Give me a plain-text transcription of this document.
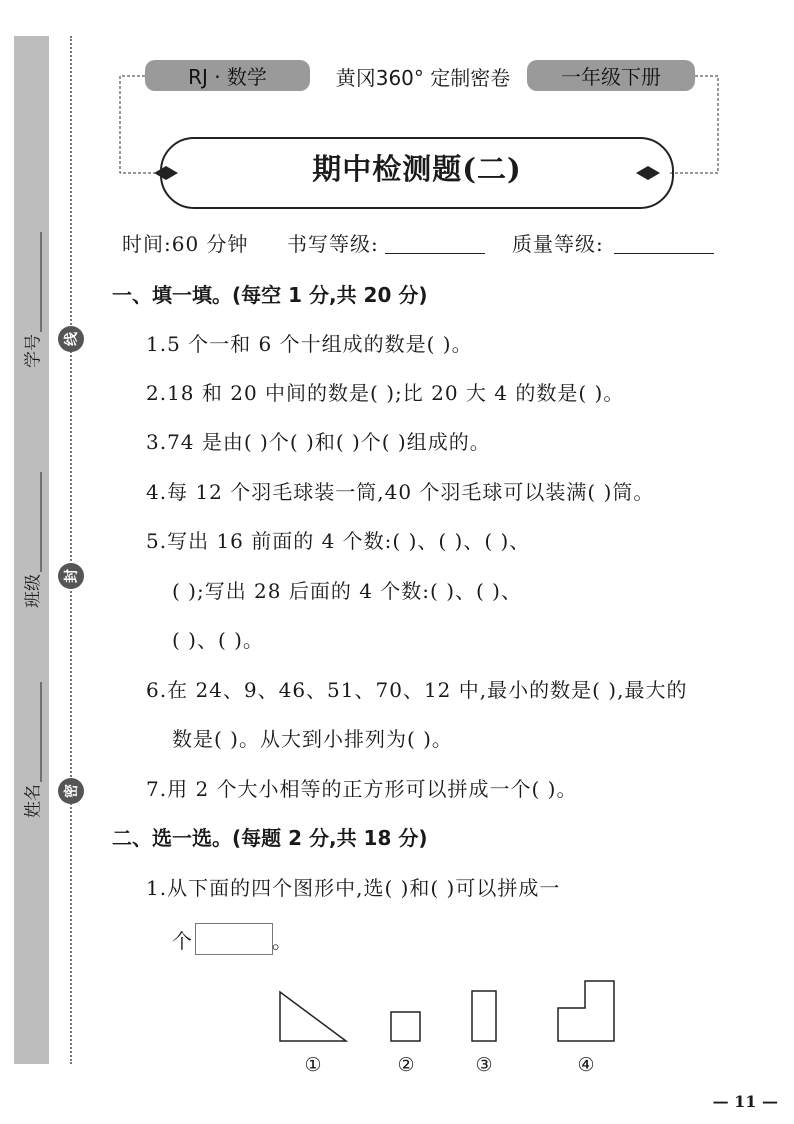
学号
班级
姓名
线
封
密
RJ · 数学	黄冈360° 定制密卷	一年级下册
期中检测题(二)
时间:60 分钟 书写等级:	质量等级:
一、填一填。(每空 1 分,共 20 分)
1.5 个一和 6 个十组成的数是( )。
2.18 和 20 中间的数是( );比 20 大 4 的数是( )。
3.74 是由( )个( )和( )个( )组成的。
4.每 12 个羽毛球装一筒,40 个羽毛球可以装满( )筒。
5.写出 16 前面的 4 个数:( )、( )、( )、
( );写出 28 后面的 4 个数:( )、( )、
( )、( )。
6.在 24、9、46、51、70、12 中,最小的数是( ),最大的
数是( )。从大到小排列为( )。
7.用 2 个大小相等的正方形可以拼成一个( )。
二、选一选。(每题 2 分,共 18 分)
1.从下面的四个图形中,选( )和( )可以拼成一
个	。
①	②	③	④
— 11 —
